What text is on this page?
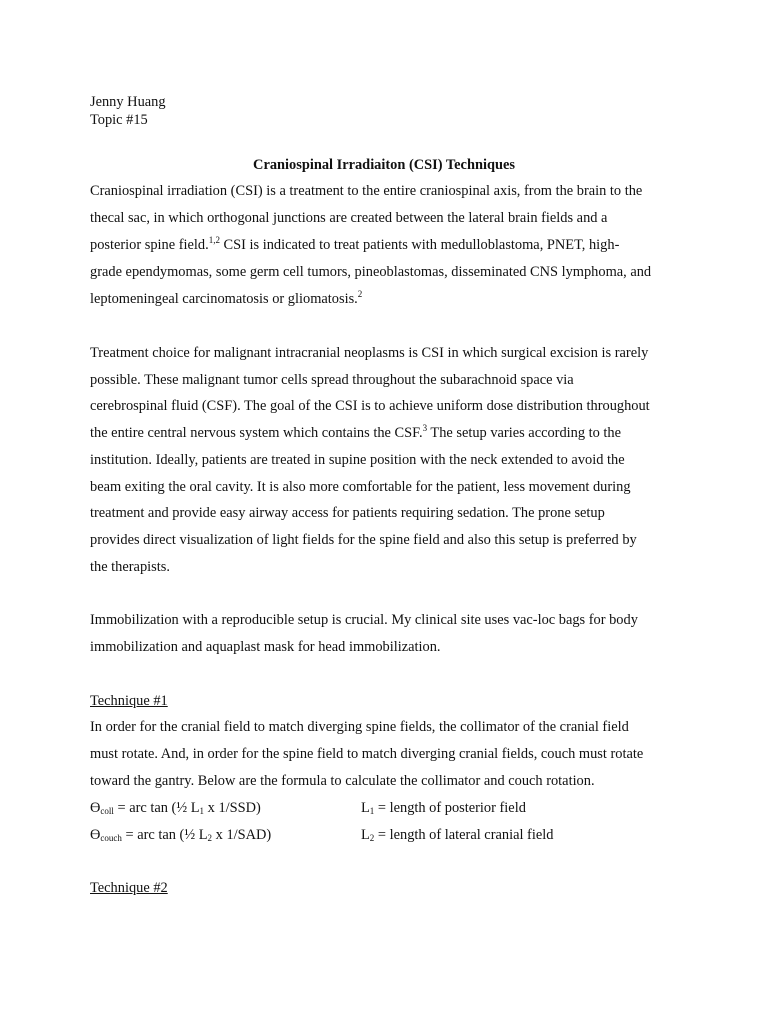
Jenny Huang
Topic #15
Craniospinal Irradiaiton (CSI) Techniques
Craniospinal irradiation (CSI) is a treatment to the entire craniospinal axis, from the brain to the
thecal sac, in which orthogonal junctions are created between the lateral brain fields and a
posterior spine field.$^{1,2}$ CSI is indicated to treat patients with medulloblastoma, PNET, high-
grade ependymomas, some germ cell tumors, pineoblastomas, disseminated CNS lymphoma, and
leptomeningeal carcinomatosis or gliomatosis.$^2$
Treatment choice for malignant intracranial neoplasms is CSI in which surgical excision is rarely
possible. These malignant tumor cells spread throughout the subarachnoid space via
cerebrospinal fluid (CSF). The goal of the CSI is to achieve uniform dose distribution throughout
the entire central nervous system which contains the CSF.$^3$ The setup varies according to the
institution. Ideally, patients are treated in supine position with the neck extended to avoid the
beam exiting the oral cavity. It is also more comfortable for the patient, less movement during
treatment and provide easy airway access for patients requiring sedation. The prone setup
provides direct visualization of light fields for the spine field and also this setup is preferred by
the therapists.
Immobilization with a reproducible setup is crucial. My clinical site uses vac-loc bags for body
immobilization and aquaplast mask for head immobilization.
Technique #1
In order for the cranial field to match diverging spine fields, the collimator of the cranial field
must rotate. And, in order for the spine field to match diverging cranial fields, couch must rotate
toward the gantry. Below are the formula to calculate the collimator and couch rotation.
$ϴ_{coll}$ = arc tan (½ $L_1$ x 1/SSD)	$L_1$ = length of posterior field
$ϴ_{couch}$ = arc tan (½ $L_2$ x 1/SAD)	$L_2$ = length of lateral cranial field
Technique #2
